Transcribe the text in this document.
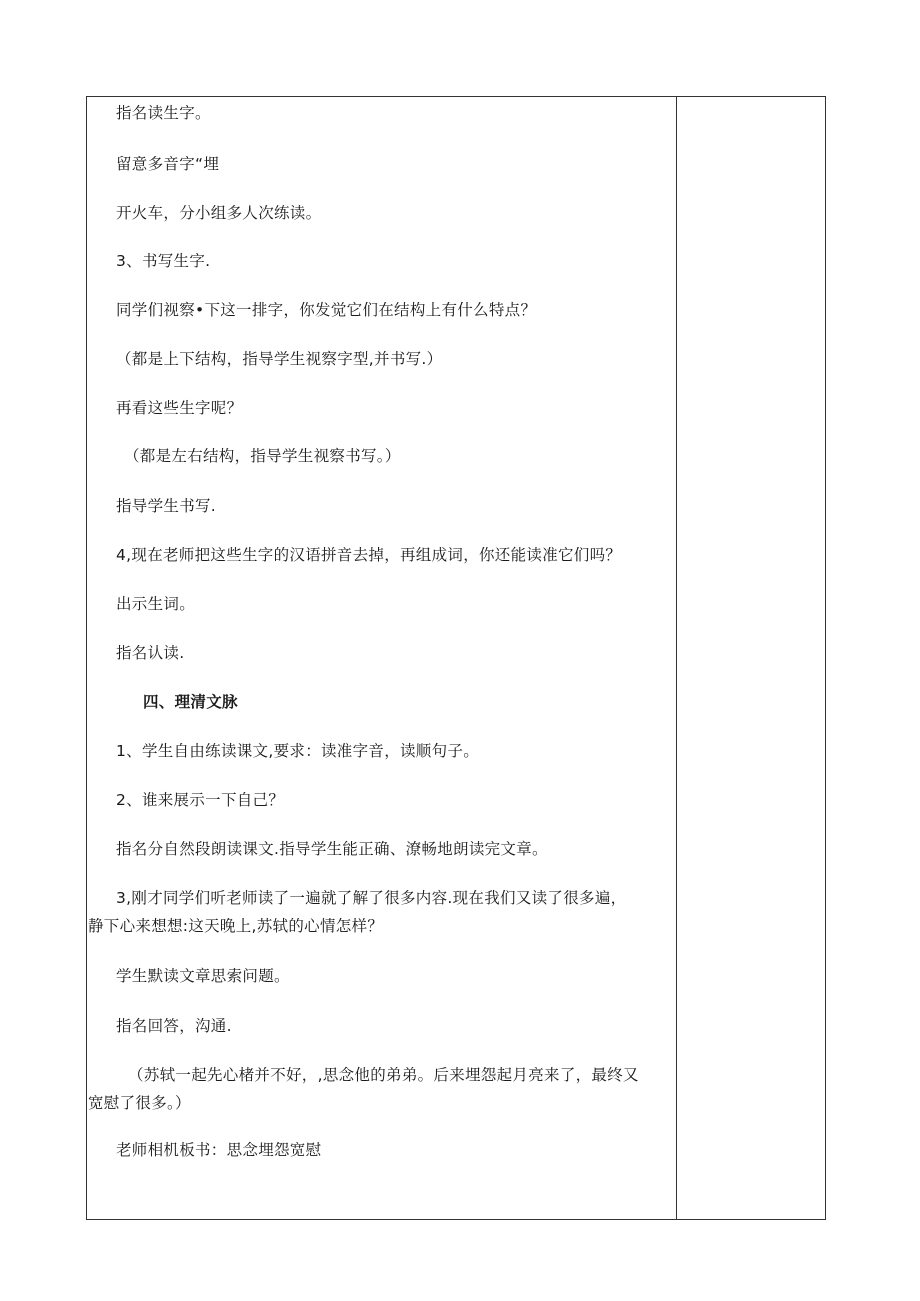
指名读生字。
留意多音字“埋
开火车，分小组多人次练读。
3、书写生字.
同学们视察•下这一排字，你发觉它们在结构上有什么特点？
（都是上下结构，指导学生视察字型,并书写.）
再看这些生字呢？
（都是左右结构，指导学生视察书写。）
指导学生书写.
4,现在老师把这些生字的汉语拼音去掉，再组成词，你还能读准它们吗？
出示生词。
指名认读.
四、理清文脉
1、学生自由练读课文,要求：读准字音，读顺句子。
2、谁来展示一下自己？
指名分自然段朗读课文.指导学生能正确、潦畅地朗读完文章。
3,刚才同学们听老师读了一遍就了解了很多内容.现在我们又读了很多遍，
静下心来想想:这天晚上,苏轼的心情怎样？
学生默读文章思索问题。
指名回答，沟通.
（苏轼一起先心楮并不好，,思念他的弟弟。后来埋怨起月亮来了，最终又
宽慰了很多。）
老师相机板书：思念埋怨宽慰
